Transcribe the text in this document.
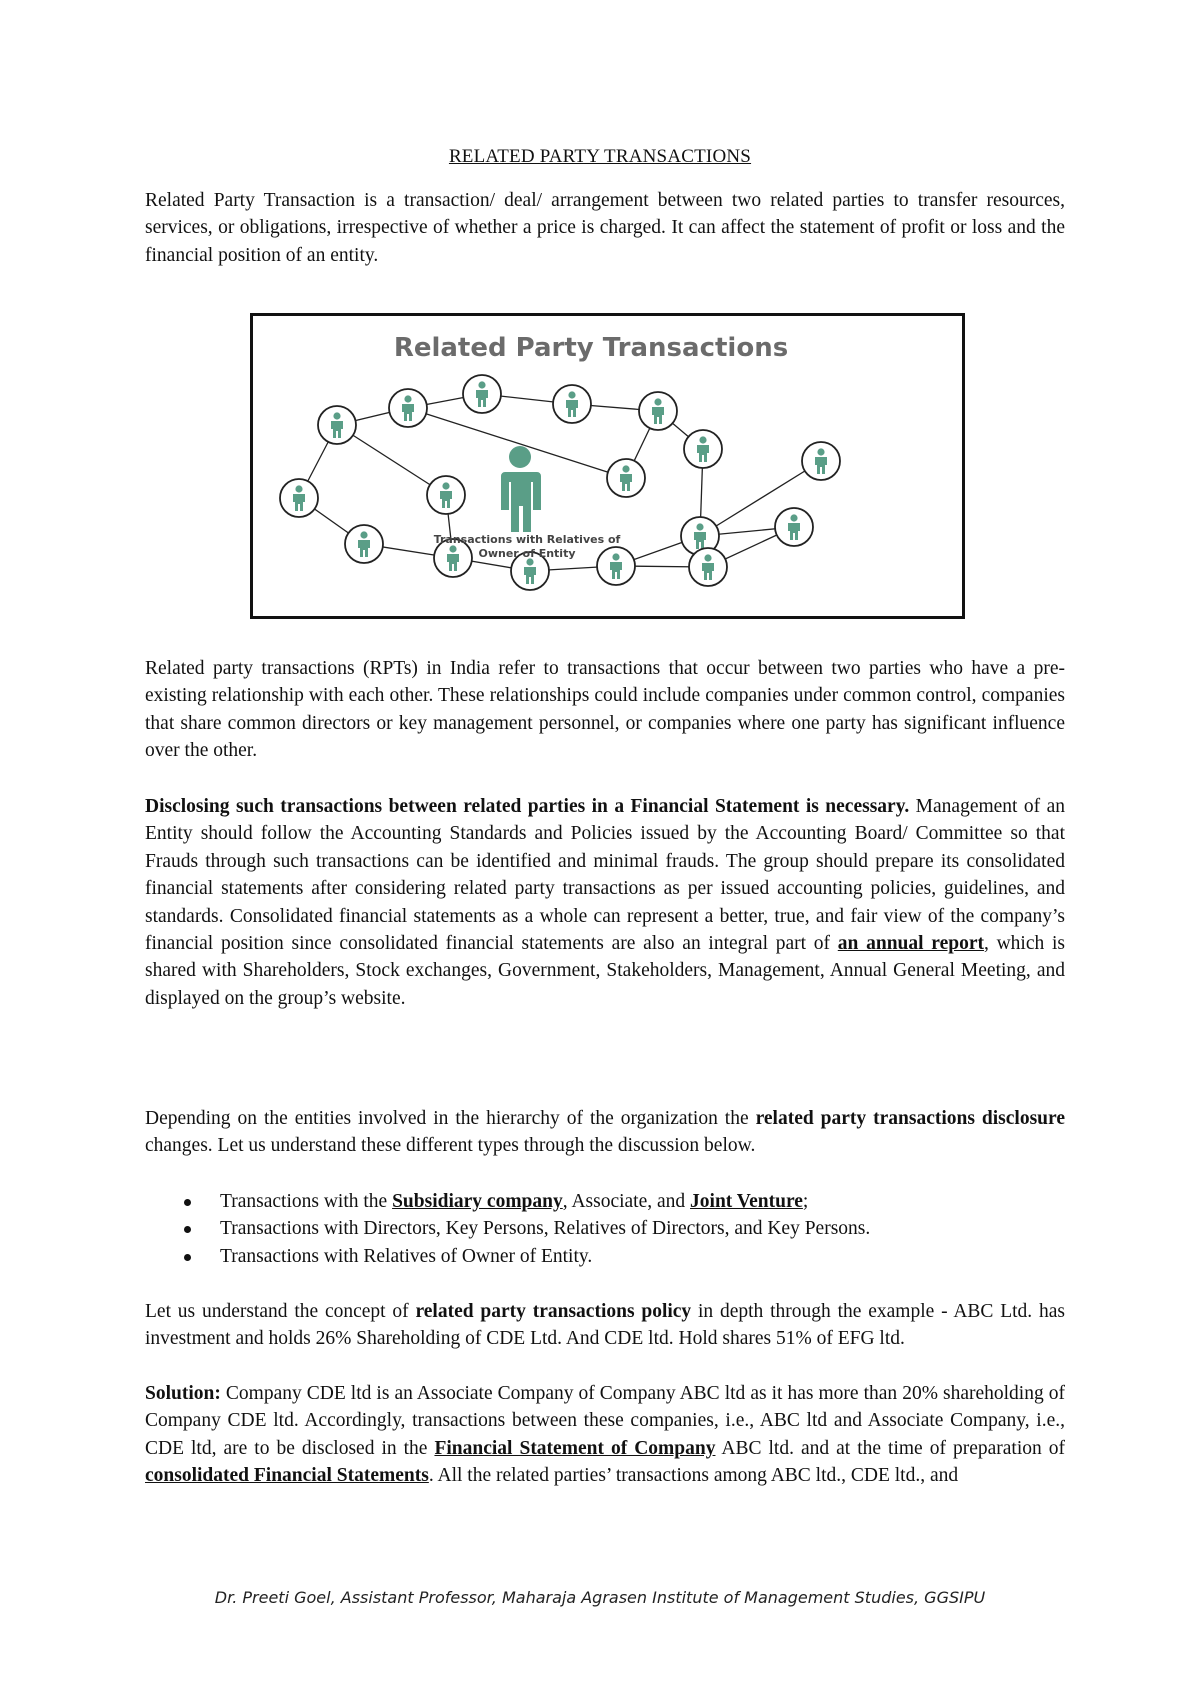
RELATED PARTY TRANSACTIONS

Related Party Transaction is a transaction/ deal/ arrangement between two related parties to transfer resources, services, or obligations, irrespective of whether a price is charged. It can affect the statement of profit or loss and the financial position of an entity.

Related Party Transactions
Transactions with Relatives of
Owner of Entity

Related party transactions (RPTs) in India refer to transactions that occur between two parties who have a pre-existing relationship with each other. These relationships could include companies under common control, companies that share common directors or key management personnel, or companies where one party has significant influence over the other.

Disclosing such transactions between related parties in a Financial Statement is necessary. Management of an Entity should follow the Accounting Standards and Policies issued by the Accounting Board/ Committee so that Frauds through such transactions can be identified and minimal frauds. The group should prepare its consolidated financial statements after considering related party transactions as per issued accounting policies, guidelines, and standards. Consolidated financial statements as a whole can represent a better, true, and fair view of the company’s financial position since consolidated financial statements are also an integral part of an annual report, which is shared with Shareholders, Stock exchanges, Government, Stakeholders, Management, Annual General Meeting, and displayed on the group’s website.

Depending on the entities involved in the hierarchy of the organization the related party transactions disclosure changes. Let us understand these different types through the discussion below.

Transactions with the Subsidiary company, Associate, and Joint Venture;
Transactions with Directors, Key Persons, Relatives of Directors, and Key Persons.
Transactions with Relatives of Owner of Entity.

Let us understand the concept of related party transactions policy in depth through the example - ABC Ltd. has investment and holds 26% Shareholding of CDE Ltd. And CDE ltd. Hold shares 51% of EFG ltd.

Solution: Company CDE ltd is an Associate Company of Company ABC ltd as it has more than 20% shareholding of Company CDE ltd. Accordingly, transactions between these companies, i.e., ABC ltd and Associate Company, i.e., CDE ltd, are to be disclosed in the Financial Statement of Company ABC ltd. and at the time of preparation of consolidated Financial Statements. All the related parties’ transactions among ABC ltd., CDE ltd., and

Dr. Preeti Goel, Assistant Professor, Maharaja Agrasen Institute of Management Studies, GGSIPU
